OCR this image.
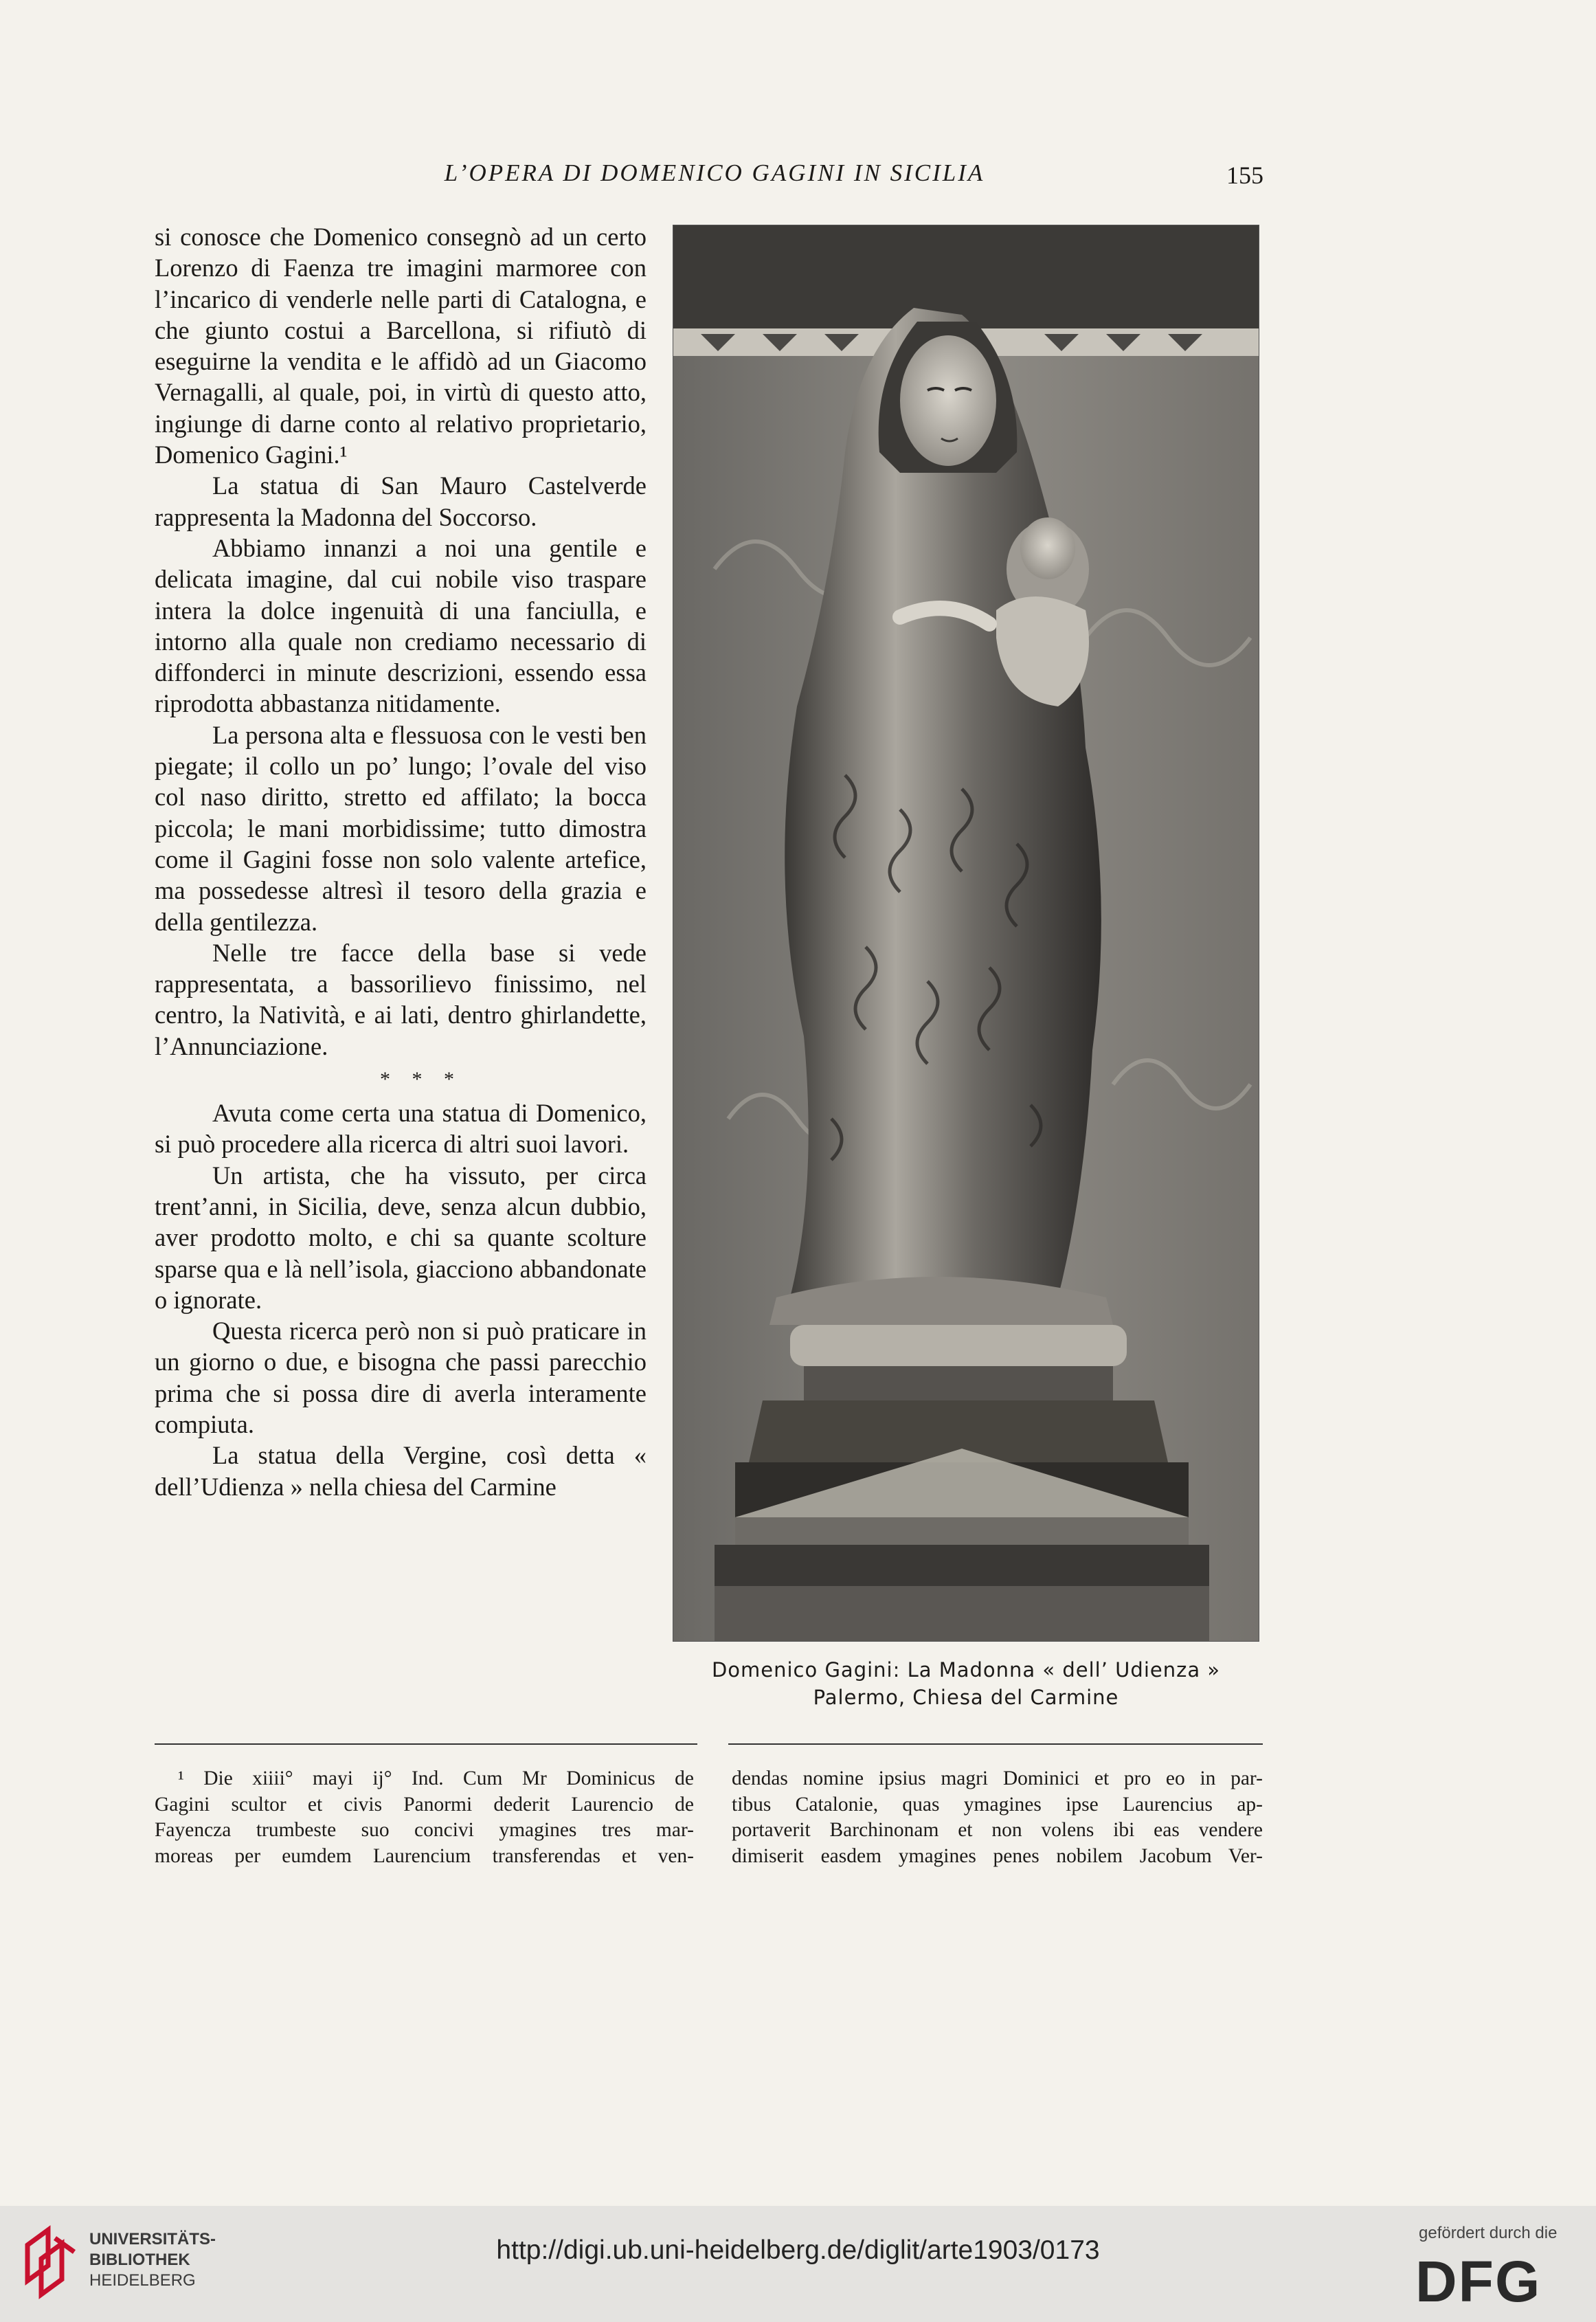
L’OPERA DI DOMENICO GAGINI IN SICILIA	155

si conosce che Domenico consegnò ad un certo Lorenzo di Faenza tre imagini marmoree con l’incarico di venderle nelle parti di Catalogna, e che giunto costui a Barcellona, si rifiutò di eseguirne la vendita e le affidò ad un Giacomo Vernagalli, al quale, poi, in virtù di questo atto, ingiunge di darne conto al relativo proprietario, Domenico Gagini.¹

La statua di San Mauro Castelverde rappresenta la Madonna del Soccorso.

Abbiamo innanzi a noi una gentile e delicata imagine, dal cui nobile viso traspare intera la dolce ingenuità di una fanciulla, e intorno alla quale non crediamo necessario di diffonderci in minute descrizioni, essendo essa riprodotta abbastanza nitidamente.

La persona alta e flessuosa con le vesti ben piegate; il collo un po’ lungo; l’ovale del viso col naso diritto, stretto ed affilato; la bocca piccola; le mani morbidissime; tutto dimostra come il Gagini fosse non solo valente artefice, ma possedesse altresì il tesoro della grazia e della gentilezza.

Nelle tre facce della base si vede rappresentata, a bassorilievo finissimo, nel centro, la Natività, e ai lati, dentro ghirlandette, l’Annunciazione.

* * *

Avuta come certa una statua di Domenico, si può procedere alla ricerca di altri suoi lavori.

Un artista, che ha vissuto, per circa trent’anni, in Sicilia, deve, senza alcun dubbio, aver prodotto molto, e chi sa quante scolture sparse qua e là nell’isola, giacciono abbandonate o ignorate.

Questa ricerca però non si può praticare in un giorno o due, e bisogna che passi parecchio prima che si possa dire di averla interamente compiuta.

La statua della Vergine, così detta « dell’Udienza » nella chiesa del Carmine

Domenico Gagini: La Madonna « dell’ Udienza »
Palermo, Chiesa del Carmine

¹ Die xiiii° mayi ij° Ind. Cum Mr Dominicus de

Gagini scultor et civis Panormi dederit Laurencio de

Fayencza trumbeste suo concivi ymagines tres mar-

moreas per eumdem Laurencium transferendas et ven-

dendas nomine ipsius magri Dominici et pro eo in par-

tibus Catalonie, quas ymagines ipse Laurencius ap-

portaverit Barchinonam et non volens ibi eas vendere

dimiserit easdem ymagines penes nobilem Jacobum Ver-

UNIVERSITÄTS-
BIBLIOTHEK
HEIDELBERG
http://digi.ub.uni-heidelberg.de/diglit/arte1903/0173
gefördert durch die
DFG
